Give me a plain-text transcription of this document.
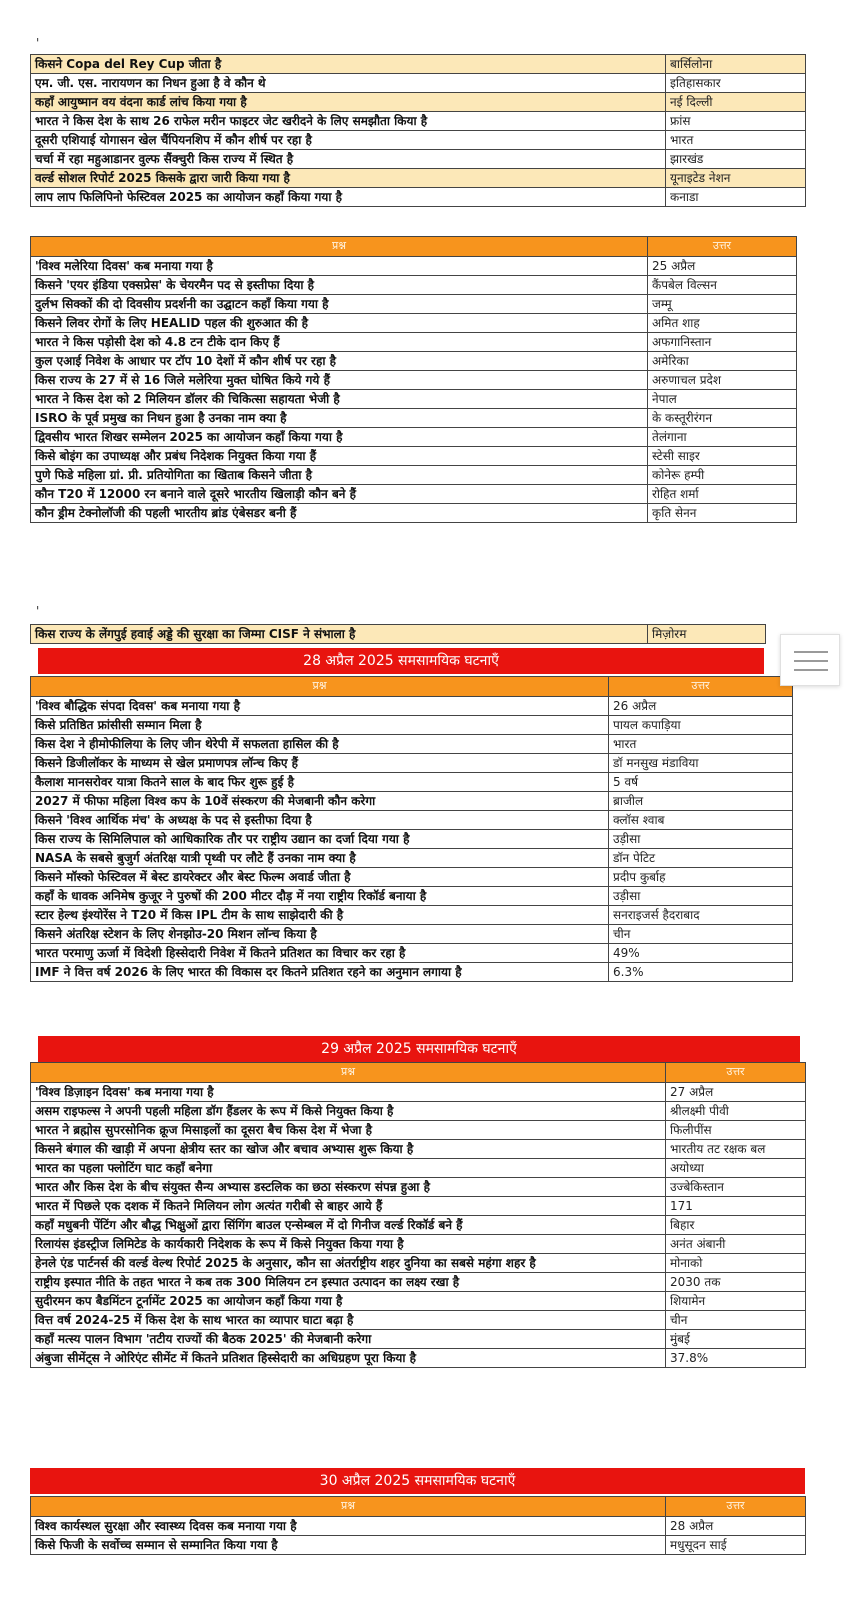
'
किसने Copa del Rey Cup जीता है	बार्सिलोना
एम. जी. एस. नारायणन का निधन हुआ है वे कौन थे	इतिहासकार
कहाँ आयुष्मान वय वंदना कार्ड लांच किया गया है	नई दिल्ली
भारत ने किस देश के साथ 26 राफेल मरीन फाइटर जेट खरीदने के लिए समझौता किया है	फ्रांस
दूसरी एशियाई योगासन खेल चैंपियनशिप में कौन शीर्ष पर रहा है	भारत
चर्चा में रहा महुआडानर वुल्फ सैंक्चुरी किस राज्य में स्थित है	झारखंड
वर्ल्ड सोशल रिपोर्ट 2025 किसके द्वारा जारी किया गया है	यूनाइटेड नेशन
लाप लाप फिलिपिनो फेस्टिवल 2025 का आयोजन कहाँ किया गया है	कनाडा
प्रश्न	उत्तर
'विश्व मलेरिया दिवस' कब मनाया गया है	25 अप्रैल
किसने 'एयर इंडिया एक्सप्रेस' के चेयरमैन पद से इस्तीफा दिया है	कैंपबेल विल्सन
दुर्लभ सिक्कों की दो दिवसीय प्रदर्शनी का उद्घाटन कहाँ किया गया है	जम्मू
किसने लिवर रोगों के लिए HEALID पहल की शुरुआत की है	अमित शाह
भारत ने किस पड़ोसी देश को 4.8 टन टीके दान किए हैं	अफगानिस्तान
कुल एआई निवेश के आधार पर टॉप 10 देशों में कौन शीर्ष पर रहा है	अमेरिका
किस राज्य के 27 में से 16 जिले मलेरिया मुक्त घोषित किये गये हैं	अरुणाचल प्रदेश
भारत ने किस देश को 2 मिलियन डॉलर की चिकित्सा सहायता भेजी है	नेपाल
ISRO के पूर्व प्रमुख का निधन हुआ है उनका नाम क्या है	के कस्तूरीरंगन
द्विवसीय भारत शिखर सम्मेलन 2025 का आयोजन कहाँ किया गया है	तेलंगाना
किसे बोइंग का उपाध्यक्ष और प्रबंध निदेशक नियुक्त किया गया हैं	स्टेसी साइर
पुणे फिडे महिला ग्रां. प्री. प्रतियोगिता का खिताब किसने जीता है	कोनेरू हम्पी
कौन T20 में 12000 रन बनाने वाले दूसरे भारतीय खिलाड़ी कौन बने हैं	रोहित शर्मा
कौन ड्रीम टेक्नोलॉजी की पहली भारतीय ब्रांड एंबेसडर बनी हैं	कृति सेनन
'
किस राज्य के लेंगपुई हवाई अड्डे की सुरक्षा का जिम्मा CISF ने संभाला है	मिज़ोरम
28 अप्रैल 2025 समसामयिक घटनाएँ
प्रश्न	उत्तर
'विश्व बौद्धिक संपदा दिवस' कब मनाया गया है	26 अप्रैल
किसे प्रतिष्ठित फ्रांसीसी सम्मान मिला है	पायल कपाड़िया
किस देश ने हीमोफीलिया के लिए जीन थेरेपी में सफलता हासिल की है	भारत
किसने डिजीलॉकर के माध्यम से खेल प्रमाणपत्र लॉन्च किए हैं	डॉ मनसुख मंडाविया
कैलाश मानसरोवर यात्रा कितने साल के बाद फिर शुरू हुई है	5 वर्ष
2027 में फीफा महिला विश्व कप के 10वें संस्करण की मेजबानी कौन करेगा	ब्राजील
किसने 'विश्व आर्थिक मंच' के अध्यक्ष के पद से इस्तीफा दिया है	क्लॉस श्वाब
किस राज्य के सिमिलिपाल को आधिकारिक तौर पर राष्ट्रीय उद्यान का दर्जा दिया गया है	उड़ीसा
NASA के सबसे बुजुर्ग अंतरिक्ष यात्री पृथ्वी पर लौटे हैं उनका नाम क्या है	डॉन पेटिट
किसने मॉस्को फेस्टिवल में बेस्ट डायरेक्टर और बेस्ट फिल्म अवार्ड जीता है	प्रदीप कुर्बाह
कहाँ के धावक अनिमेष कुजूर ने पुरुषों की 200 मीटर दौड़ में नया राष्ट्रीय रिकॉर्ड बनाया है	उड़ीसा
स्टार हेल्थ इंश्योरेंस ने T20 में किस IPL टीम के साथ साझेदारी की है	सनराइजर्स हैदराबाद
किसने अंतरिक्ष स्टेशन के लिए शेनझोउ-20 मिशन लॉन्च किया है	चीन
भारत परमाणु ऊर्जा में विदेशी हिस्सेदारी निवेश में कितने प्रतिशत का विचार कर रहा है	49%
IMF ने वित्त वर्ष 2026 के लिए भारत की विकास दर कितने प्रतिशत रहने का अनुमान लगाया है	6.3%
29 अप्रैल 2025 समसामयिक घटनाएँ
प्रश्न	उत्तर
'विश्व डिज़ाइन दिवस' कब मनाया गया है	27 अप्रैल
असम राइफल्स ने अपनी पहली महिला डॉग हैंडलर के रूप में किसे नियुक्त किया है	श्रीलक्ष्मी पीवी
भारत ने ब्रह्मोस सुपरसोनिक क्रूज मिसाइलों का दूसरा बैच किस देश में भेजा है	फिलीपींस
किसने बंगाल की खाड़ी में अपना क्षेत्रीय स्तर का खोज और बचाव अभ्यास शुरू किया है	भारतीय तट रक्षक बल
भारत का पहला फ्लोटिंग घाट कहाँ बनेगा	अयोध्या
भारत और किस देश के बीच संयुक्त सैन्य अभ्यास डस्टलिक का छठा संस्करण संपन्न हुआ है	उज्बेकिस्तान
भारत में पिछले एक दशक में कितने मिलियन लोग अत्यंत गरीबी से बाहर आये हैं	171
कहाँ मधुबनी पेंटिंग और बौद्ध भिक्षुओं द्वारा सिंगिंग बाउल एन्सेम्बल में दो गिनीज वर्ल्ड रिकॉर्ड बने हैं	बिहार
रिलायंस इंडस्ट्रीज लिमिटेड के कार्यकारी निदेशक के रूप में किसे नियुक्त किया गया है	अनंत अंबानी
हेनले एंड पार्टनर्स की वर्ल्ड वेल्थ रिपोर्ट 2025 के अनुसार, कौन सा अंतर्राष्ट्रीय शहर दुनिया का सबसे महंगा शहर है	मोनाको
राष्ट्रीय इस्पात नीति के तहत भारत ने कब तक 300 मिलियन टन इस्पात उत्पादन का लक्ष्य रखा है	2030 तक
सुदीरमन कप बैडमिंटन टूर्नामेंट 2025 का आयोजन कहाँ किया गया है	शियामेन
वित्त वर्ष 2024-25 में किस देश के साथ भारत का व्यापार घाटा बढ़ा है	चीन
कहाँ मत्स्य पालन विभाग 'तटीय राज्यों की बैठक 2025' की मेजबानी करेगा	मुंबई
अंबुजा सीमेंट्स ने ओरिएंट सीमेंट में कितने प्रतिशत हिस्सेदारी का अधिग्रहण पूरा किया है	37.8%
30 अप्रैल 2025 समसामयिक घटनाएँ
प्रश्न	उत्तर
विश्व कार्यस्थल सुरक्षा और स्वास्थ्य दिवस कब मनाया गया है	28 अप्रैल
किसे फिजी के सर्वोच्च सम्मान से सम्मानित किया गया है	मधुसूदन साई
